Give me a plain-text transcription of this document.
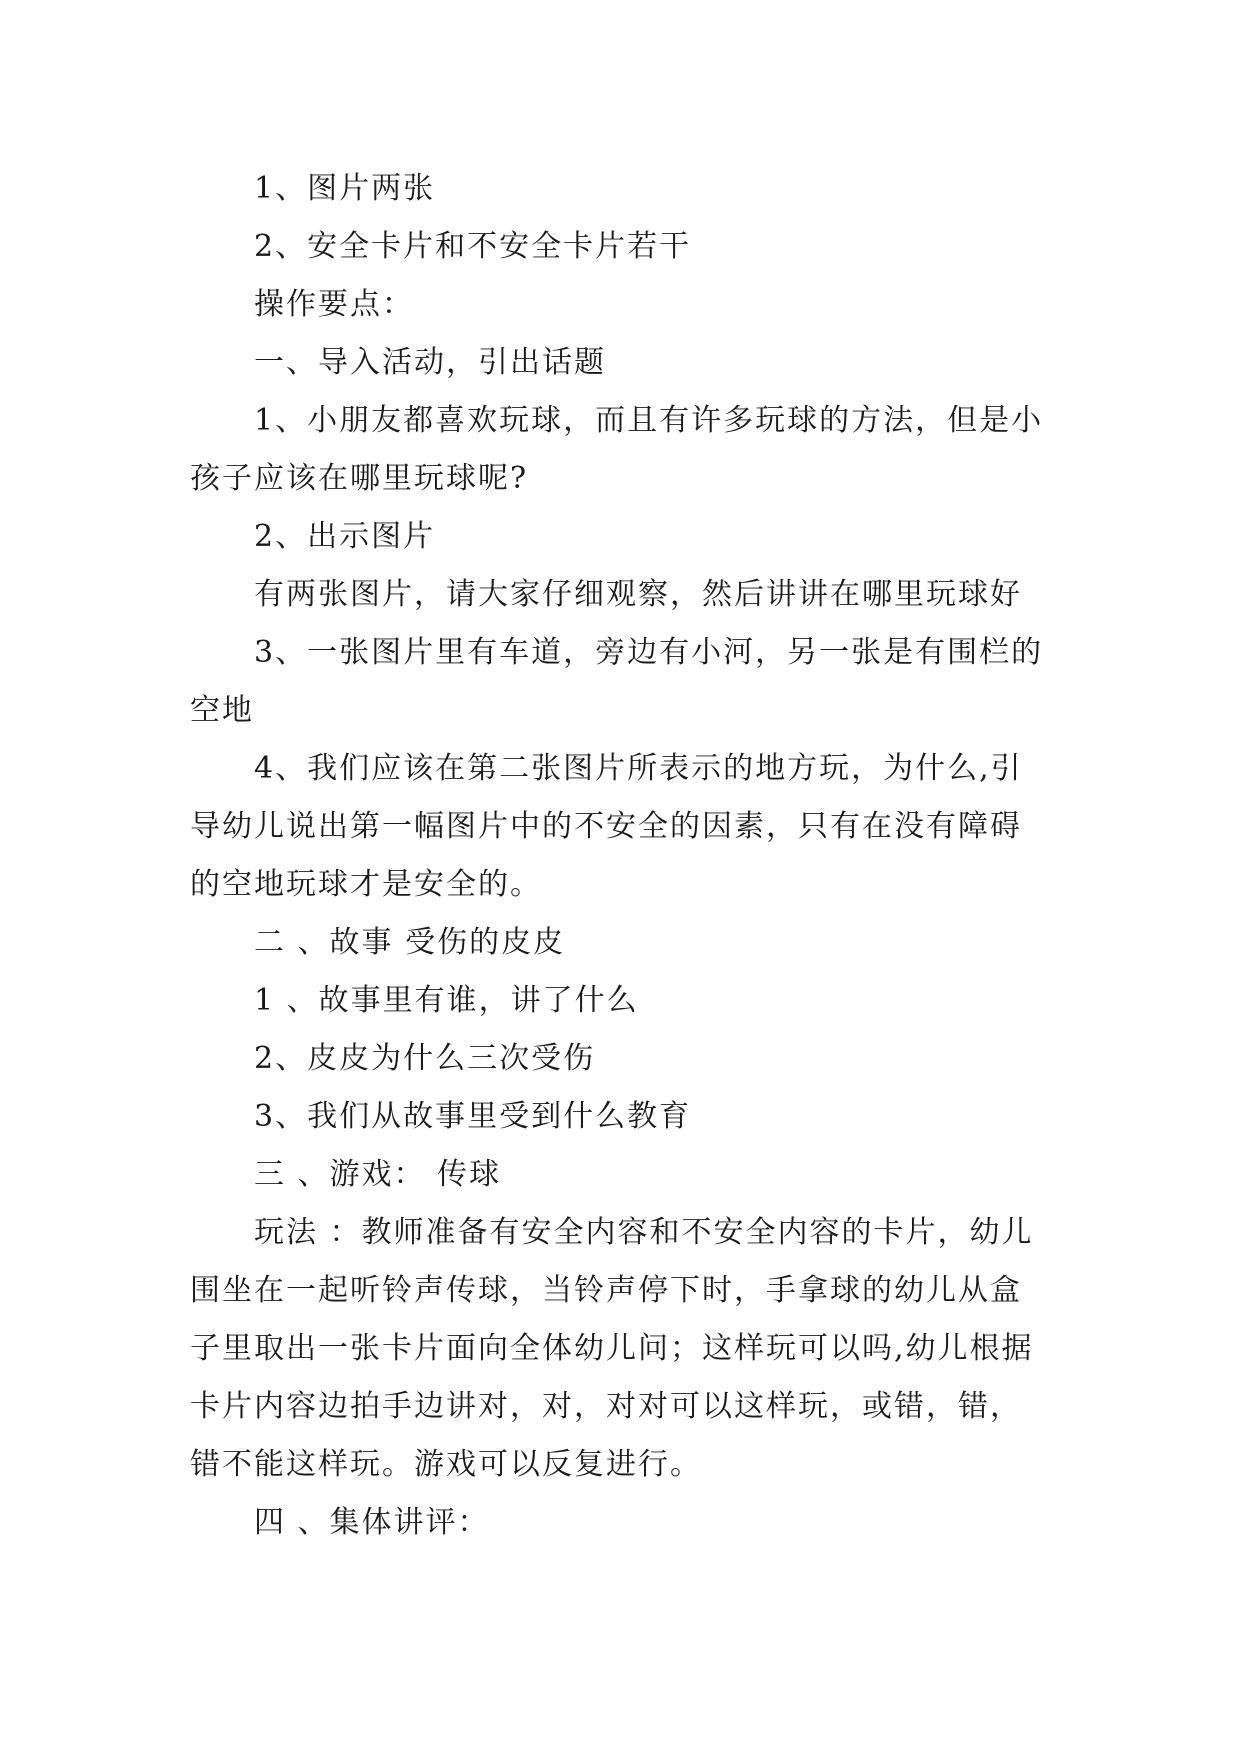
1、图片两张

2、安全卡片和不安全卡片若干

操作要点：

一、导入活动，引出话题

1、小朋友都喜欢玩球，而且有许多玩球的方法，但是小孩子应该在哪里玩球呢?

2、出示图片

有两张图片，请大家仔细观察，然后讲讲在哪里玩球好

3、一张图片里有车道，旁边有小河，另一张是有围栏的空地

4、我们应该在第二张图片所表示的地方玩，为什么,引导幼儿说出第一幅图片中的不安全的因素，只有在没有障碍的空地玩球才是安全的。

二 、故事 受伤的皮皮

1 、故事里有谁，讲了什么

2、皮皮为什么三次受伤

3、我们从故事里受到什么教育

三 、游戏： 传球

玩法 ：教师准备有安全内容和不安全内容的卡片，幼儿围坐在一起听铃声传球，当铃声停下时，手拿球的幼儿从盒子里取出一张卡片面向全体幼儿问；这样玩可以吗,幼儿根据卡片内容边拍手边讲对，对，对对可以这样玩，或错，错，错不能这样玩。游戏可以反复进行。

四 、集体讲评：
